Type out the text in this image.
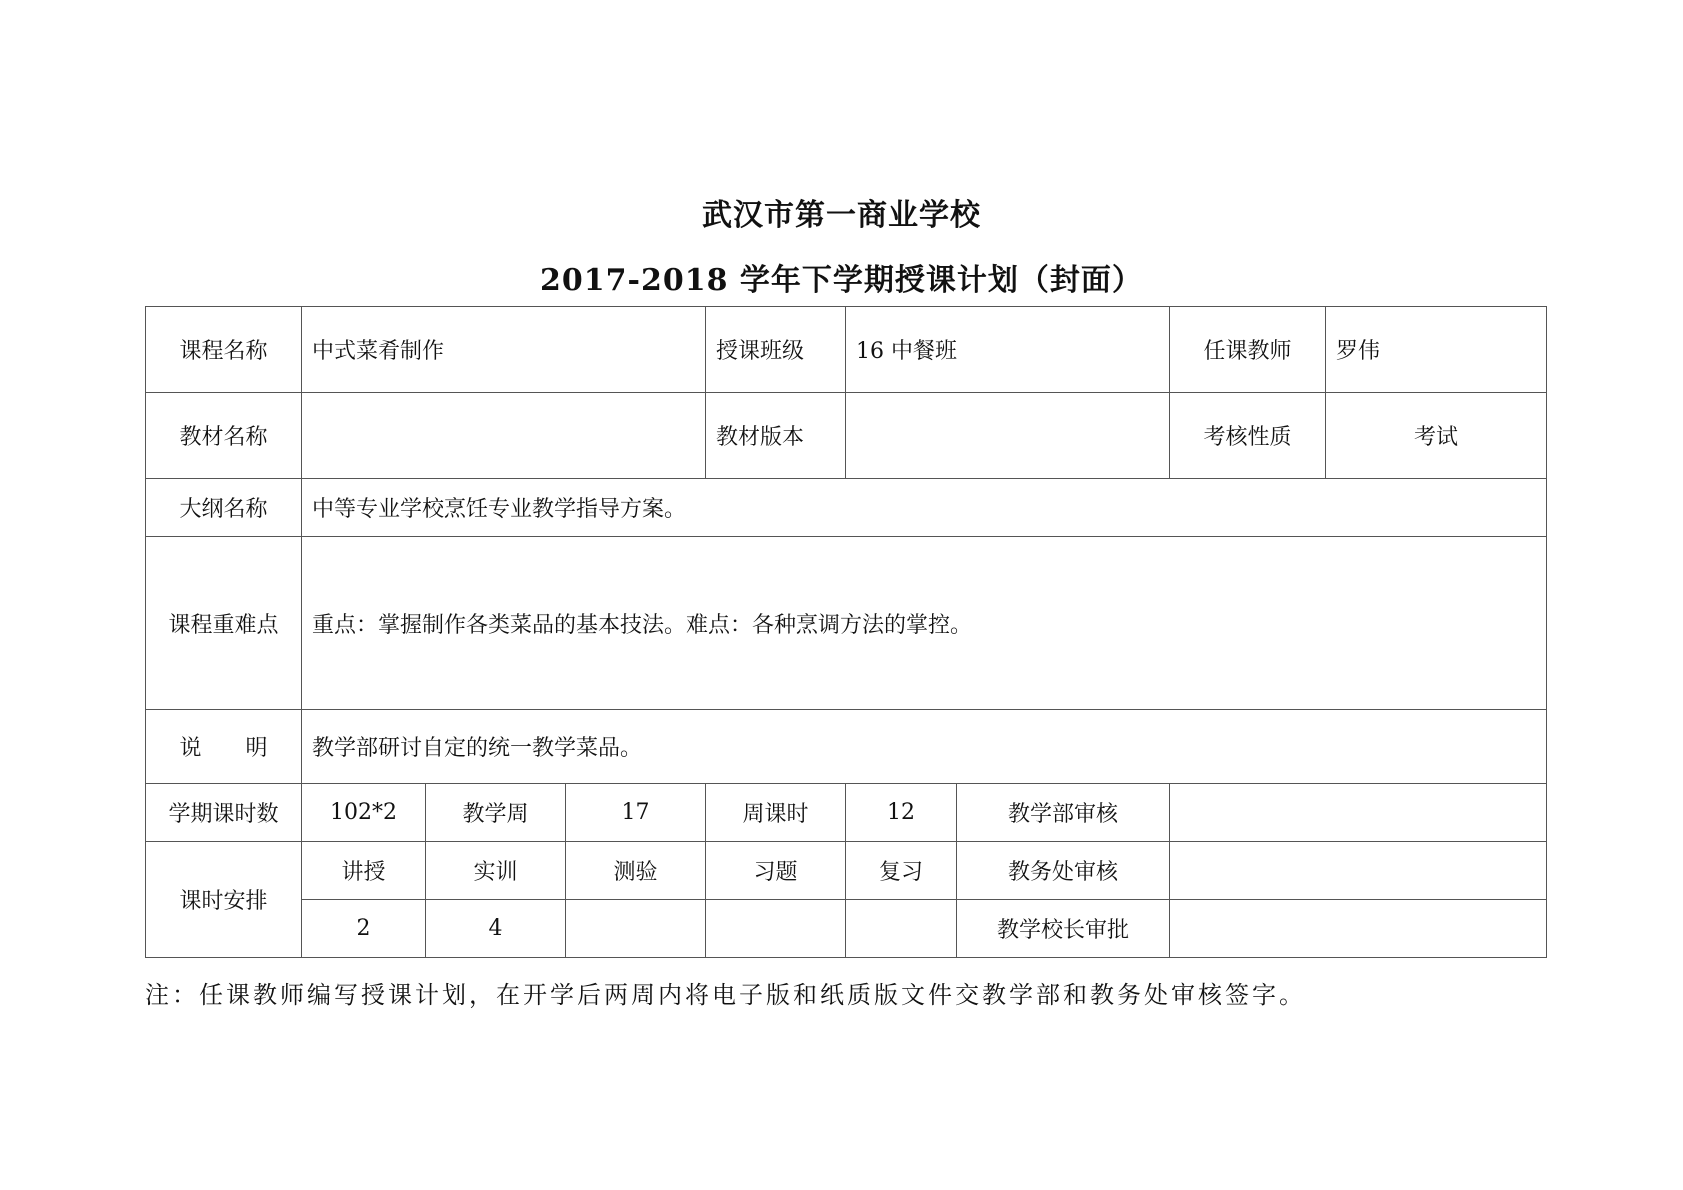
武汉市第一商业学校
2017-2018 学年下学期授课计划（封面）
课程名称	中式菜肴制作			授课班级	16 中餐班		任课教师	罗伟
教材名称				教材版本			考核性质	考试
大纲名称	中等专业学校烹饪专业教学指导方案。							
课程重难点	重点：掌握制作各类菜品的基本技法。难点：各种烹调方法的掌控。							
说　　明	教学部研讨自定的统一教学菜品。							
学期课时数	102*2	教学周	17	周课时	12	教学部审核		
课时安排	讲授	实训	测验	习题	复习	教务处审核		
	2	4				教学校长审批		
注：任课教师编写授课计划，在开学后两周内将电子版和纸质版文件交教学部和教务处审核签字。
